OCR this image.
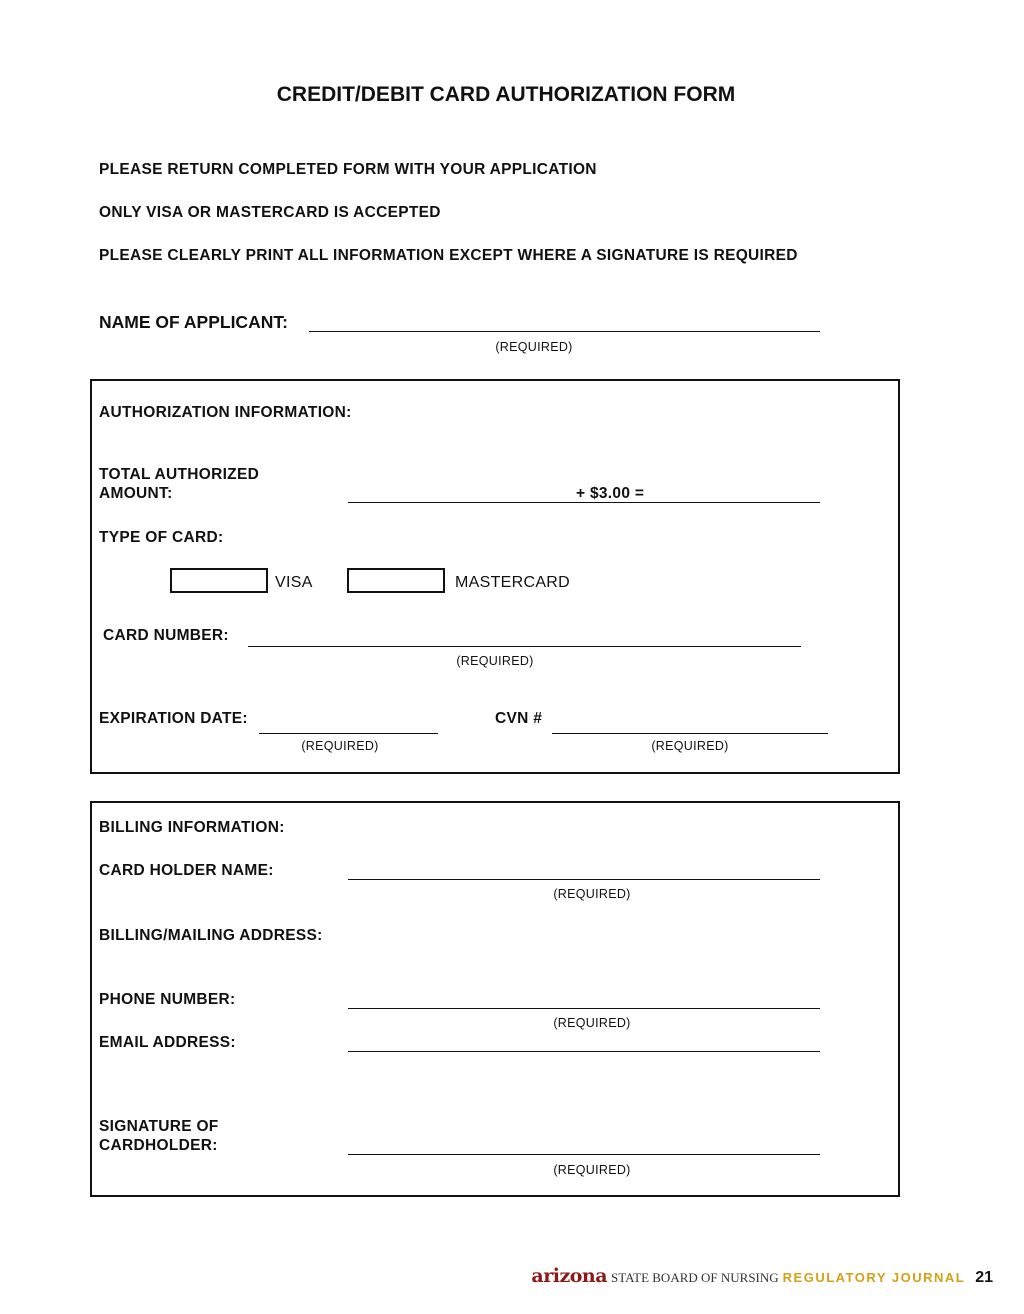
CREDIT/DEBIT CARD AUTHORIZATION FORM
PLEASE RETURN COMPLETED FORM WITH YOUR APPLICATION
ONLY VISA OR MASTERCARD IS ACCEPTED
PLEASE CLEARLY PRINT ALL INFORMATION EXCEPT WHERE A SIGNATURE IS REQUIRED
NAME OF APPLICANT:
(REQUIRED)
AUTHORIZATION INFORMATION:
TOTAL AUTHORIZED
AMOUNT:	+ $3.00 =
TYPE OF CARD:
VISA	MASTERCARD
CARD NUMBER:
(REQUIRED)
EXPIRATION DATE:
(REQUIRED)
CVN #
(REQUIRED)
BILLING INFORMATION:
CARD HOLDER NAME:
(REQUIRED)
BILLING/MAILING ADDRESS:
PHONE NUMBER:
(REQUIRED)
EMAIL ADDRESS:
SIGNATURE OF
CARDHOLDER:
(REQUIRED)
arizona STATE BOARD OF NURSING REGULATORY JOURNAL 21
